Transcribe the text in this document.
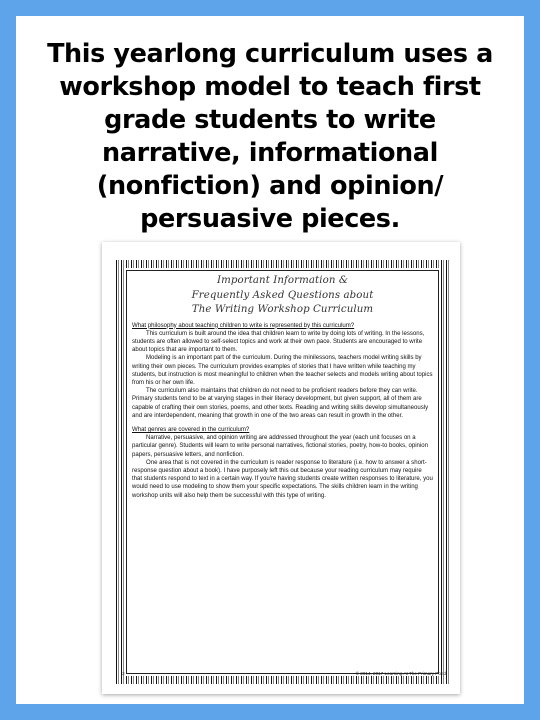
This yearlong curriculum uses a workshop model to teach first grade students to write narrative, informational (nonfiction) and opinion/ persuasive pieces.

Important Information &

Frequently Asked Questions about

The Writing Workshop Curriculum

What philosophy about teaching children to write is represented by this curriculum?

This curriculum is built around the idea that children learn to write by doing lots of writing. In the lessons, students are often allowed to self-select topics and work at their own pace. Students are encouraged to write about topics that are important to them.

Modeling is an important part of the curriculum. During the minilessons, teachers model writing skills by writing their own pieces. The curriculum provides examples of stories that I have written while teaching my students, but instruction is most meaningful to children when the teacher selects and models writing about topics from his or her own life.

The curriculum also maintains that children do not need to be proficient readers before they can write. Primary students tend to be at varying stages in their literacy development, but given support, all of them are capable of crafting their own stories, poems, and other texts. Reading and writing skills develop simultaneously and are interdependent, meaning that growth in one of the two areas can result in growth in the other.

What genres are covered in the curriculum?

Narrative, persuasive, and opinion writing are addressed throughout the year (each unit focuses on a particular genre). Students will learn to write personal narratives, fictional stories, poetry, how-to books, opinion papers, persuasive letters, and nonfiction.

One area that is not covered in the curriculum is reader response to literature (i.e. how to answer a short-response question about a book). I have purposely left this out because your reading curriculum may require that students respond to text in a certain way. If you're having students create written responses to literature, you would need to use modeling to show them your specific expectations. The skills children learn in the writing workshop units will also help them be successful with this type of writing.

3	© 2014, 2017 Learning At The Primary Pond
